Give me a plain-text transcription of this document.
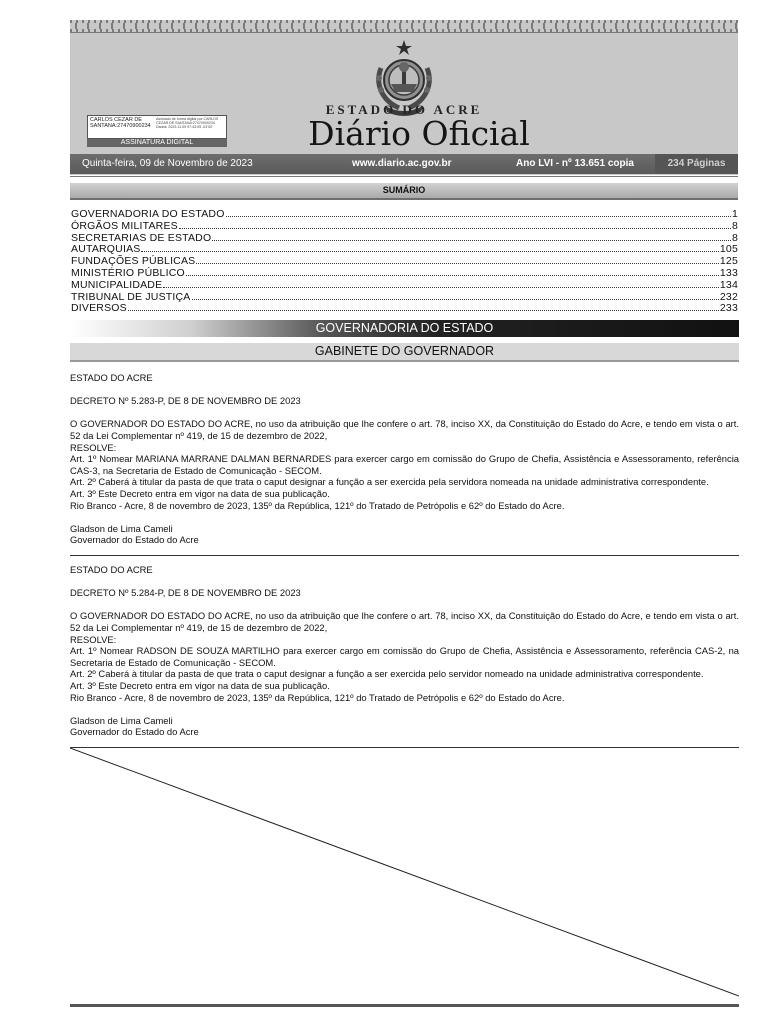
ESTADO DO ACRE
Diário Oficial
CARLOS CEZAR DE SANTANA:27470900234
Assinado de forma digital por CARLOS CEZAR DE SANTANA:27470900234 Dados: 2023.11.09 07:43:05 -03'00'
ASSINATURA DIGITAL
Quinta-feira, 09 de Novembro de 2023	www.diario.ac.gov.br	Ano LVI - nº 13.651 copia	234 Páginas
SUMÁRIO
GOVERNADORIA DO ESTADO	1
ÓRGÃOS MILITARES	8
SECRETARIAS DE ESTADO	8
AUTARQUIAS	105
FUNDAÇÕES PÚBLICAS	125
MINISTÉRIO PÚBLICO	133
MUNICIPALIDADE	134
TRIBUNAL DE JUSTIÇA	232
DIVERSOS	233
GOVERNADORIA DO ESTADO
GABINETE DO GOVERNADOR

ESTADO DO ACRE

DECRETO Nº 5.283-P, DE 8 DE NOVEMBRO DE 2023

O GOVERNADOR DO ESTADO DO ACRE, no uso da atribuição que lhe confere o art. 78, inciso XX, da Constituição do Estado do Acre, e tendo em vista o art. 52 da Lei Complementar nº 419, de 15 de dezembro de 2022,

RESOLVE:

Art. 1º Nomear MARIANA MARRANE DALMAN BERNARDES para exercer cargo em comissão do Grupo de Chefia, Assistência e Assessoramento, referência CAS-3, na Secretaria de Estado de Comunicação - SECOM.

Art. 2º Caberá à titular da pasta de que trata o caput designar a função a ser exercida pela servidora nomeada na unidade administrativa correspondente.

Art. 3º Este Decreto entra em vigor na data de sua publicação.

Rio Branco - Acre, 8 de novembro de 2023, 135º da República, 121º do Tratado de Petrópolis e 62º do Estado do Acre.

Gladson de Lima Cameli

Governador do Estado do Acre

ESTADO DO ACRE

DECRETO Nº 5.284-P, DE 8 DE NOVEMBRO DE 2023

O GOVERNADOR DO ESTADO DO ACRE, no uso da atribuição que lhe confere o art. 78, inciso XX, da Constituição do Estado do Acre, e tendo em vista o art. 52 da Lei Complementar nº 419, de 15 de dezembro de 2022,

RESOLVE:

Art. 1º Nomear RADSON DE SOUZA MARTILHO para exercer cargo em comissão do Grupo de Chefia, Assistência e Assessoramento, referência CAS-2, na Secretaria de Estado de Comunicação - SECOM.

Art. 2º Caberá à titular da pasta de que trata o caput designar a função a ser exercida pelo servidor nomeado na unidade administrativa correspondente.

Art. 3º Este Decreto entra em vigor na data de sua publicação.

Rio Branco - Acre, 8 de novembro de 2023, 135º da República, 121º do Tratado de Petrópolis e 62º do Estado do Acre.

Gladson de Lima Cameli

Governador do Estado do Acre
